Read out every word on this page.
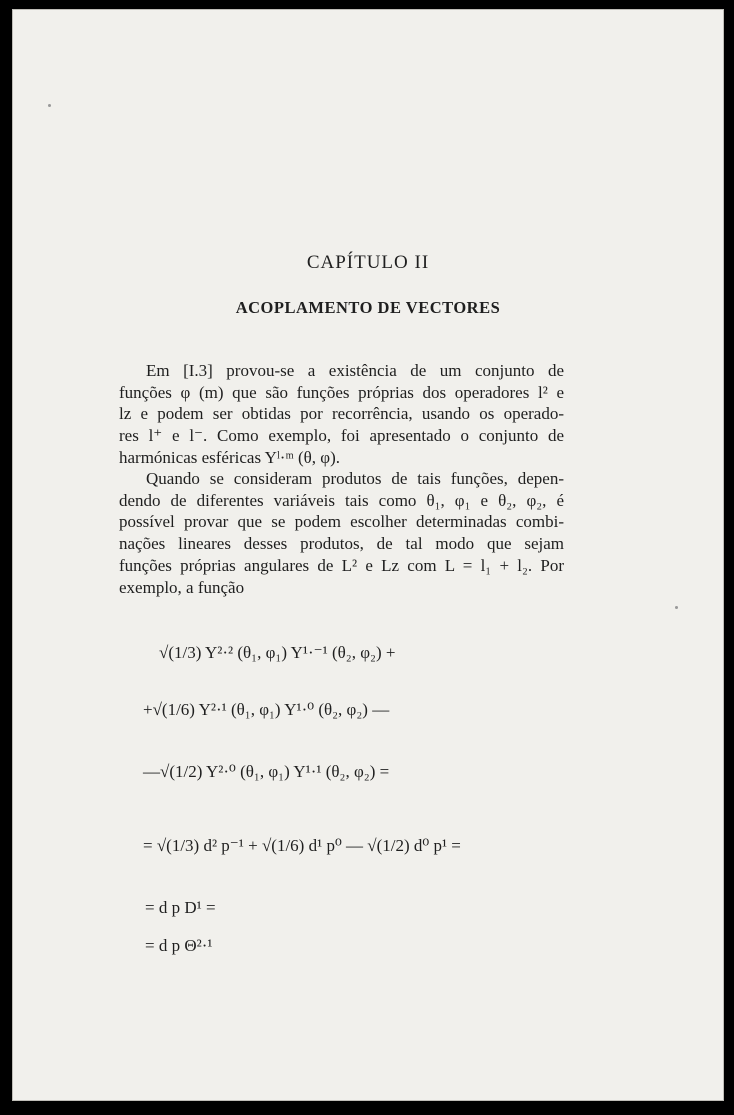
CAPÍTULO II
ACOPLAMENTO DE VECTORES
Em [I.3] provou-se a existência de um conjunto de
funções φ (m) que são funções próprias dos operadores l² e
lz e podem ser obtidas por recorrência, usando os operado-
res l⁺ e l⁻. Como exemplo, foi apresentado o conjunto de
harmónicas esféricas Yˡ·ᵐ (θ, φ).
Quando se consideram produtos de tais funções, depen-
dendo de diferentes variáveis tais como θ₁, φ₁ e θ₂, φ₂, é
possível provar que se podem escolher determinadas combi-
nações lineares desses produtos, de tal modo que sejam
funções próprias angulares de L² e Lz com L = l₁ + l₂. Por
exemplo, a função
√(1/3) Y²·² (θ₁, φ₁) Y¹·⁻¹ (θ₂, φ₂) +
+√(1/6) Y²·¹ (θ₁, φ₁) Y¹·⁰ (θ₂, φ₂) —
—√(1/2) Y²·⁰ (θ₁, φ₁) Y¹·¹ (θ₂, φ₂) =
= √(1/3) d² p⁻¹ + √(1/6) d¹ p⁰ — √(1/2) d⁰ p¹ =
= d p D¹ =
= d p Θ²·¹
